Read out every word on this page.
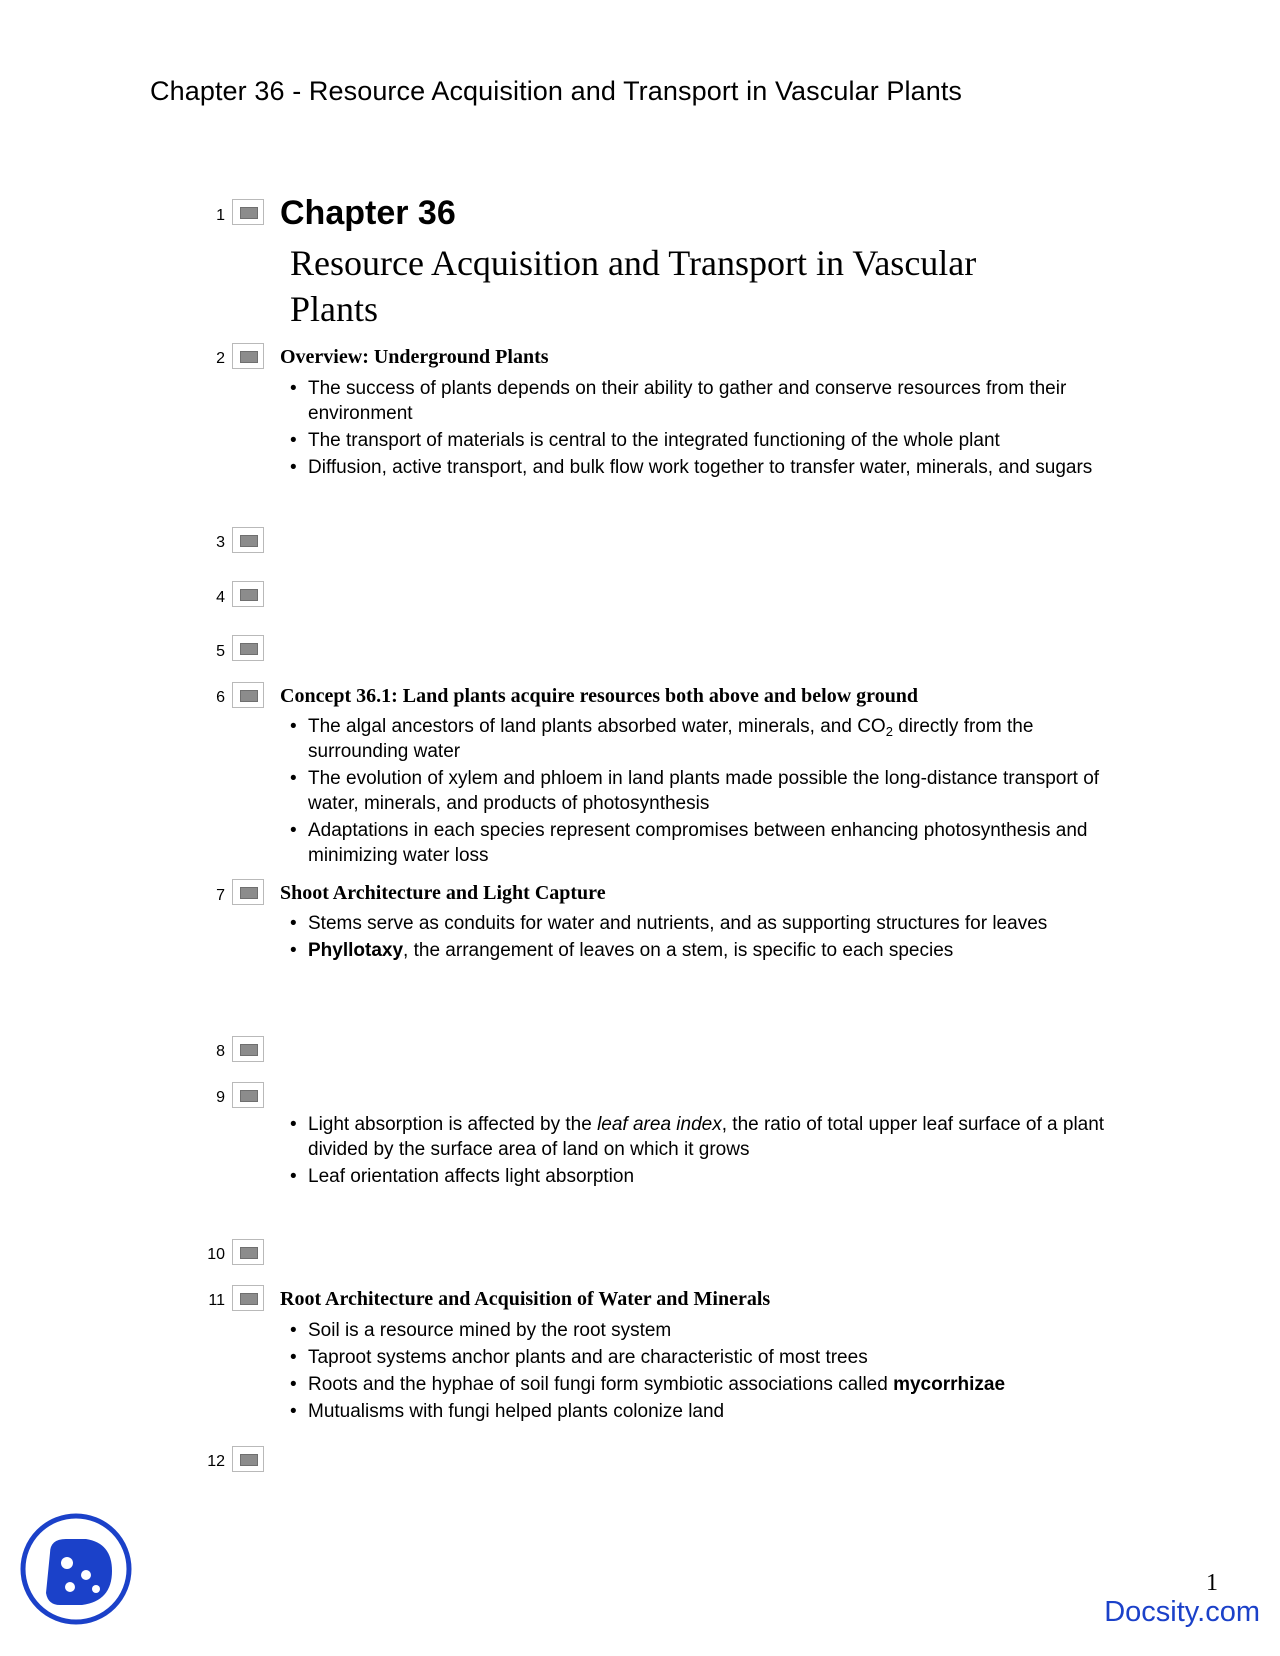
Chapter 36 - Resource Acquisition and Transport in Vascular Plants
1 Chapter 36
Resource Acquisition and Transport in Vascular Plants
2	Overview: Underground Plants
• The success of plants depends on their ability to gather and conserve resources from their environment
• The transport of materials is central to the integrated functioning of the whole plant
• Diffusion, active transport, and bulk flow work together to transfer water, minerals, and sugars
3
4
5
6	Concept 36.1: Land plants acquire resources both above and below ground
• The algal ancestors of land plants absorbed water, minerals, and $CO_2$ directly from the surrounding water
• The evolution of xylem and phloem in land plants made possible the long-distance transport of water, minerals, and products of photosynthesis
• Adaptations in each species represent compromises between enhancing photosynthesis and minimizing water loss
7	Shoot Architecture and Light Capture
• Stems serve as conduits for water and nutrients, and as supporting structures for leaves
• Phyllotaxy, the arrangement of leaves on a stem, is specific to each species
8
9
• Light absorption is affected by the leaf area index, the ratio of total upper leaf surface of a plant divided by the surface area of land on which it grows
• Leaf orientation affects light absorption
10
11	Root Architecture and Acquisition of Water and Minerals
• Soil is a resource mined by the root system
• Taproot systems anchor plants and are characteristic of most trees
• Roots and the hyphae of soil fungi form symbiotic associations called mycorrhizae
• Mutualisms with fungi helped plants colonize land
12
1
Docsity.com
